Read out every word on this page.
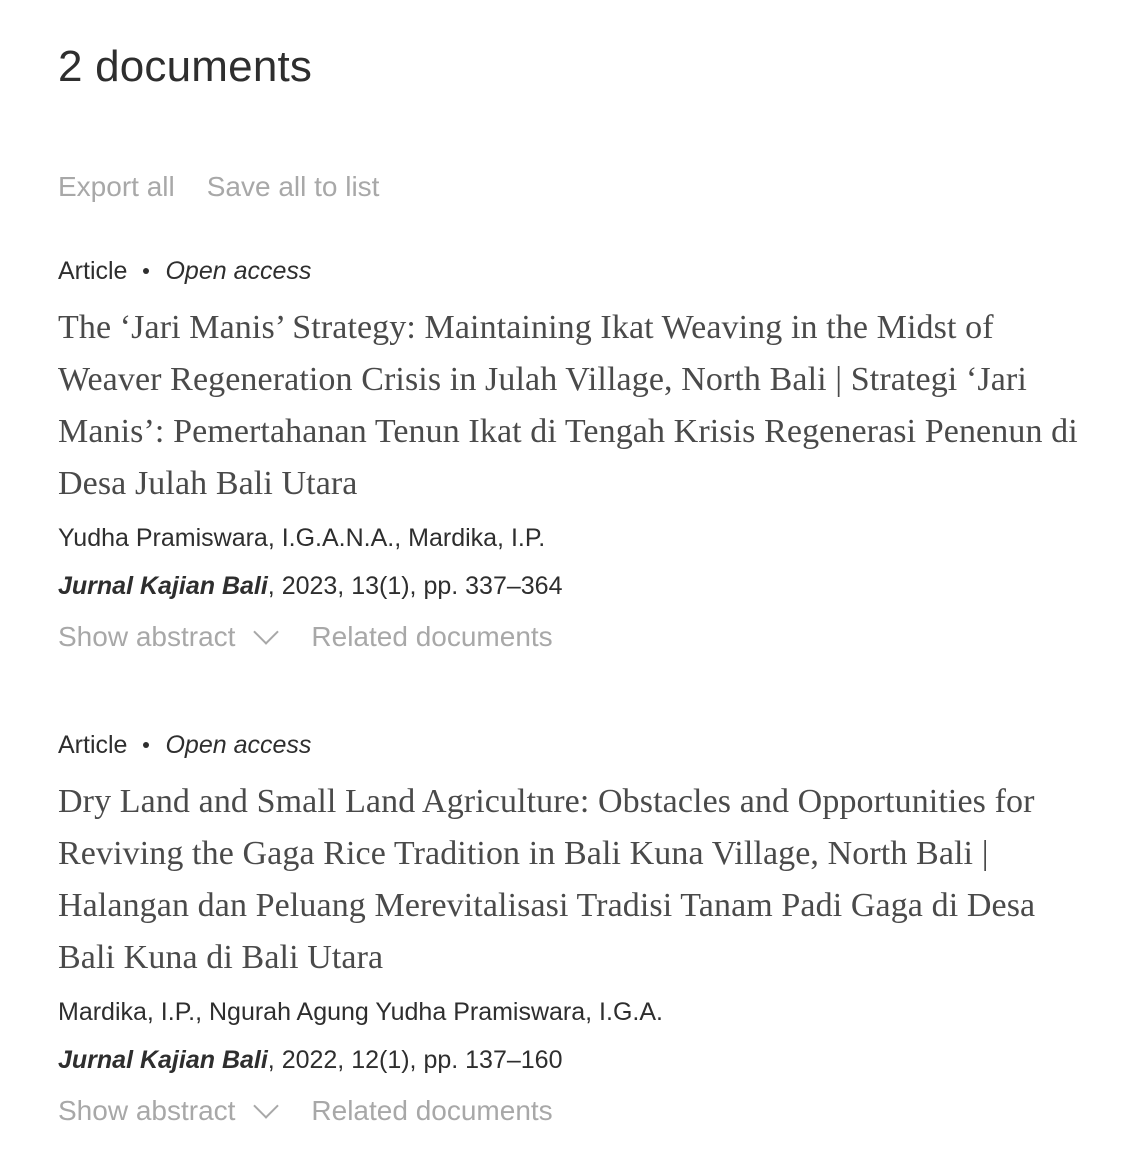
2 documents
Export all Save all to list
Article Open access
The ‘Jari Manis’ Strategy: Maintaining Ikat Weaving in the Midst of Weaver Regeneration Crisis in Julah Village, North Bali | Strategi ‘Jari Manis’: Pemertahanan Tenun Ikat di Tengah Krisis Regenerasi Penenun di Desa Julah Bali Utara
Yudha Pramiswara, I.G.A.N.A., Mardika, I.P.
Jurnal Kajian Bali, 2023, 13(1), pp. 337–364
Show abstract	Related documents
Article Open access
Dry Land and Small Land Agriculture: Obstacles and Opportunities for Reviving the Gaga Rice Tradition in Bali Kuna Village, North Bali | Halangan dan Peluang Merevitalisasi Tradisi Tanam Padi Gaga di Desa Bali Kuna di Bali Utara
Mardika, I.P., Ngurah Agung Yudha Pramiswara, I.G.A.
Jurnal Kajian Bali, 2022, 12(1), pp. 137–160
Show abstract	Related documents
